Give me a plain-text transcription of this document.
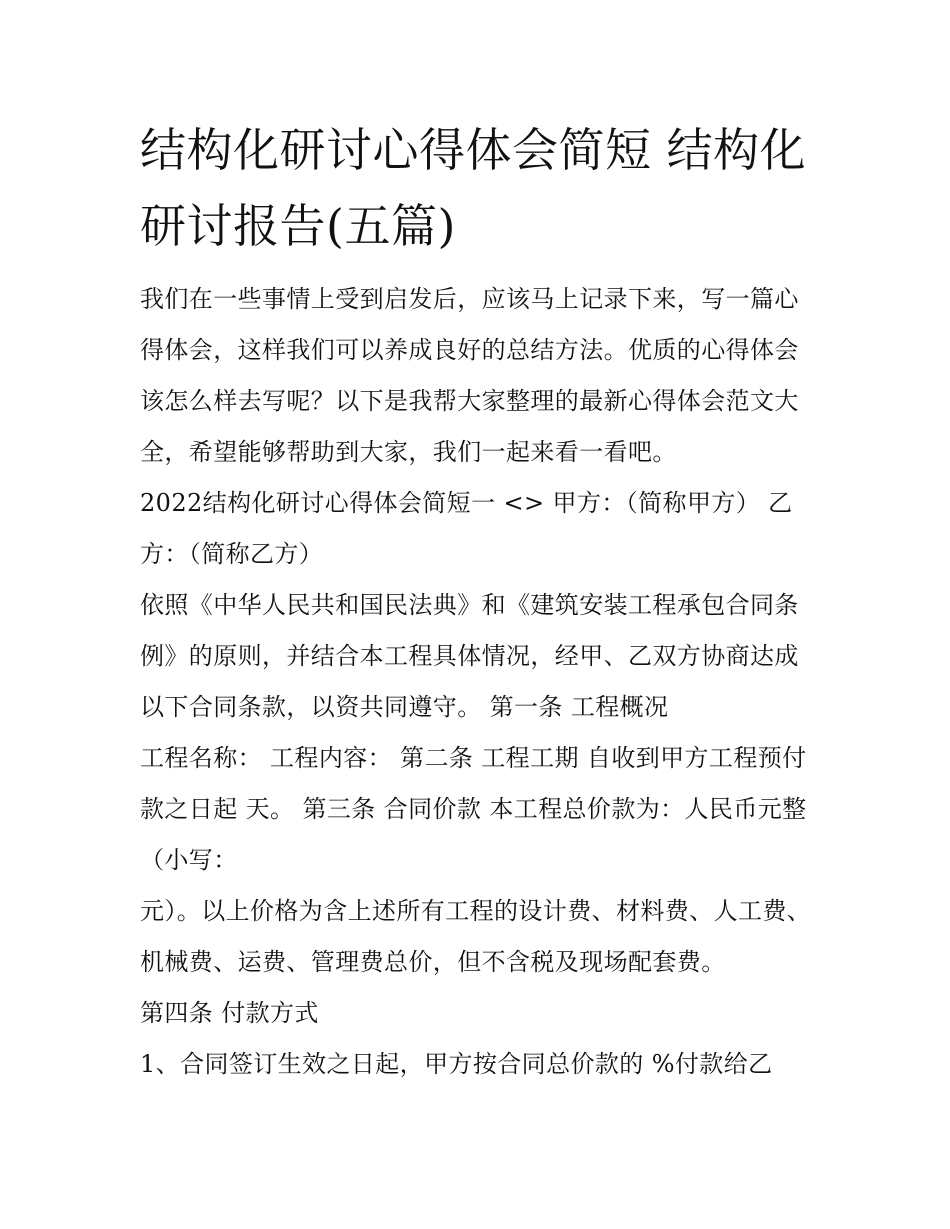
结构化研讨心得体会简短 结构化研讨报告(五篇)

我们在一些事情上受到启发后，应该马上记录下来，写一篇心得体会，这样我们可以养成良好的总结方法。优质的心得体会该怎么样去写呢？以下是我帮大家整理的最新心得体会范文大全，希望能够帮助到大家，我们一起来看一看吧。

2022结构化研讨心得体会简短一 <> 甲方：（简称甲方） 乙方：（简称乙方）

依照《中华人民共和国民法典》和《建筑安装工程承包合同条例》的原则，并结合本工程具体情况，经甲、乙双方协商达成以下合同条款，以资共同遵守。 第一条 工程概况

工程名称： 工程内容： 第二条 工程工期 自收到甲方工程预付款之日起 天。 第三条 合同价款 本工程总价款为：人民币元整（小写：

元）。以上价格为含上述所有工程的设计费、材料费、人工费、机械费、运费、管理费总价，但不含税及现场配套费。

第四条 付款方式

1、合同签订生效之日起，甲方按合同总价款的 %付款给乙
